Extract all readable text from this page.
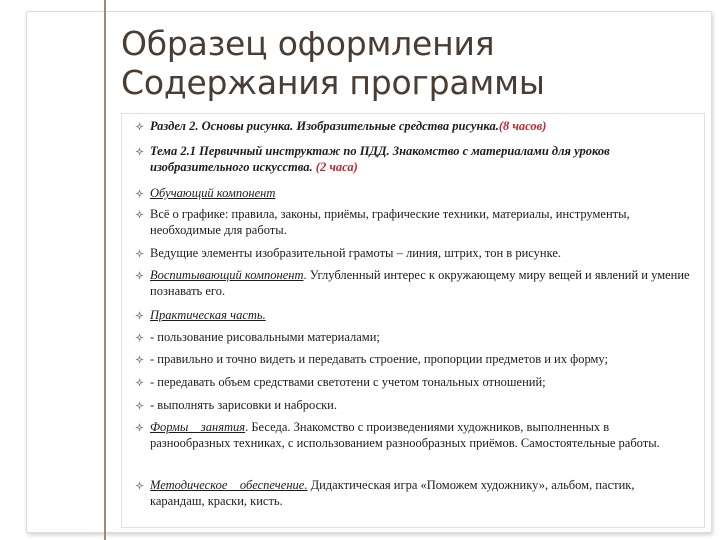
Образец оформления
Содержания программы
Раздел 2. Основы рисунка. Изобразительные средства рисунка.(8 часов)
Тема 2.1 Первичный инструктаж по ПДД. Знакомство с материалами для уроков изобразительного искусства. (2 часа)
Обучающий компонент
Всё о графике: правила, законы, приёмы, графические техники, материалы, инструменты, необходимые для работы.
Ведущие элементы изобразительной грамоты – линия, штрих, тон в рисунке.
Воспитывающий компонент. Углубленный интерес к окружающему миру вещей и явлений и умение познавать его.
Практическая часть.
- пользование рисовальными материалами;
- правильно и точно видеть и передавать строение, пропорции предметов и их форму;
- передавать объем средствами светотени с учетом тональных отношений;
- выполнять зарисовки и наброски.
Формы    занятия. Беседа. Знакомство с произведениями художников, выполненных в разнообразных техниках, с использованием разнообразных приёмов. Самостоятельные работы.
Методическое    обеспечение. Дидактическая игра «Поможем художнику», альбом, пастик, карандаш, краски, кисть.
